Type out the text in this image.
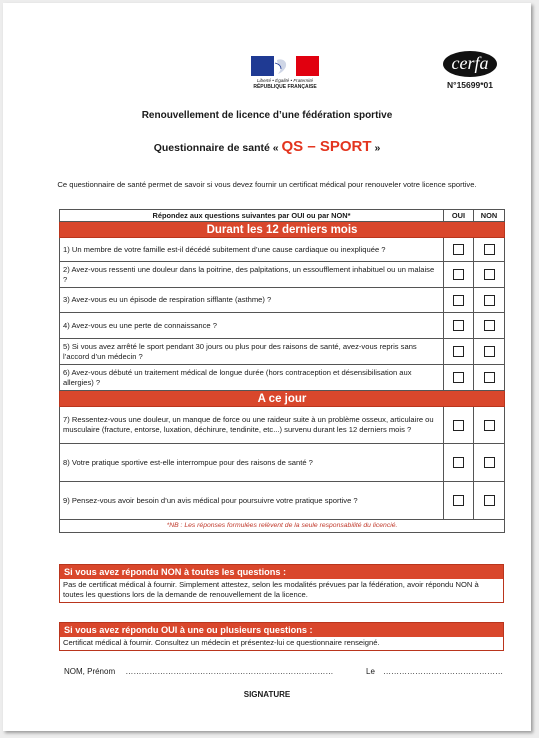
Liberté • Égalité • Fraternité
RÉPUBLIQUE FRANÇAISE
cerfa
N°15699*01
Renouvellement de licence d’une fédération sportive
Questionnaire de santé « QS – SPORT »
Ce questionnaire de santé permet de savoir si vous devez fournir un certificat médical pour renouveler votre licence sportive.
Répondez aux questions suivantes par OUI ou par NON*	OUI	NON
Durant les 12 derniers mois		
1) Un membre de votre famille est-il décédé subitement d’une cause cardiaque ou inexpliquée ?		
2) Avez-vous ressenti une douleur dans la poitrine, des palpitations, un essoufflement inhabituel ou un malaise ?		
3) Avez-vous eu un épisode de respiration sifflante (asthme) ?		
4) Avez-vous eu une perte de connaissance ?		
5) Si vous avez arrêté le sport pendant 30 jours ou plus pour des raisons de santé, avez-vous repris sans l’accord d’un médecin ?		
6) Avez-vous débuté un traitement médical de longue durée (hors contraception et désensibilisation aux allergies) ?		
A ce jour		
7) Ressentez-vous une douleur, un manque de force ou une raideur suite à un problème osseux, articulaire ou musculaire (fracture, entorse, luxation, déchirure, tendinite, etc...) survenu durant les 12 derniers mois ?		
8) Votre pratique sportive est-elle interrompue pour des raisons de santé ?		
9) Pensez-vous avoir besoin d’un avis médical pour poursuivre votre pratique sportive ?		
*NB : Les réponses formulées relèvent de la seule responsabilité du licencié.		
Si vous avez répondu NON à toutes les questions :
Pas de certificat médical à fournir. Simplement attestez, selon les modalités prévues par la fédération, avoir répondu NON à toutes les questions lors de la demande de renouvellement de la licence.
Si vous avez répondu OUI à une ou plusieurs questions :
Certificat médical à fournir. Consultez un médecin et présentez-lui ce questionnaire renseigné.
NOM, Prénom ……………………………………………………………………	Le ………………………………………
SIGNATURE
